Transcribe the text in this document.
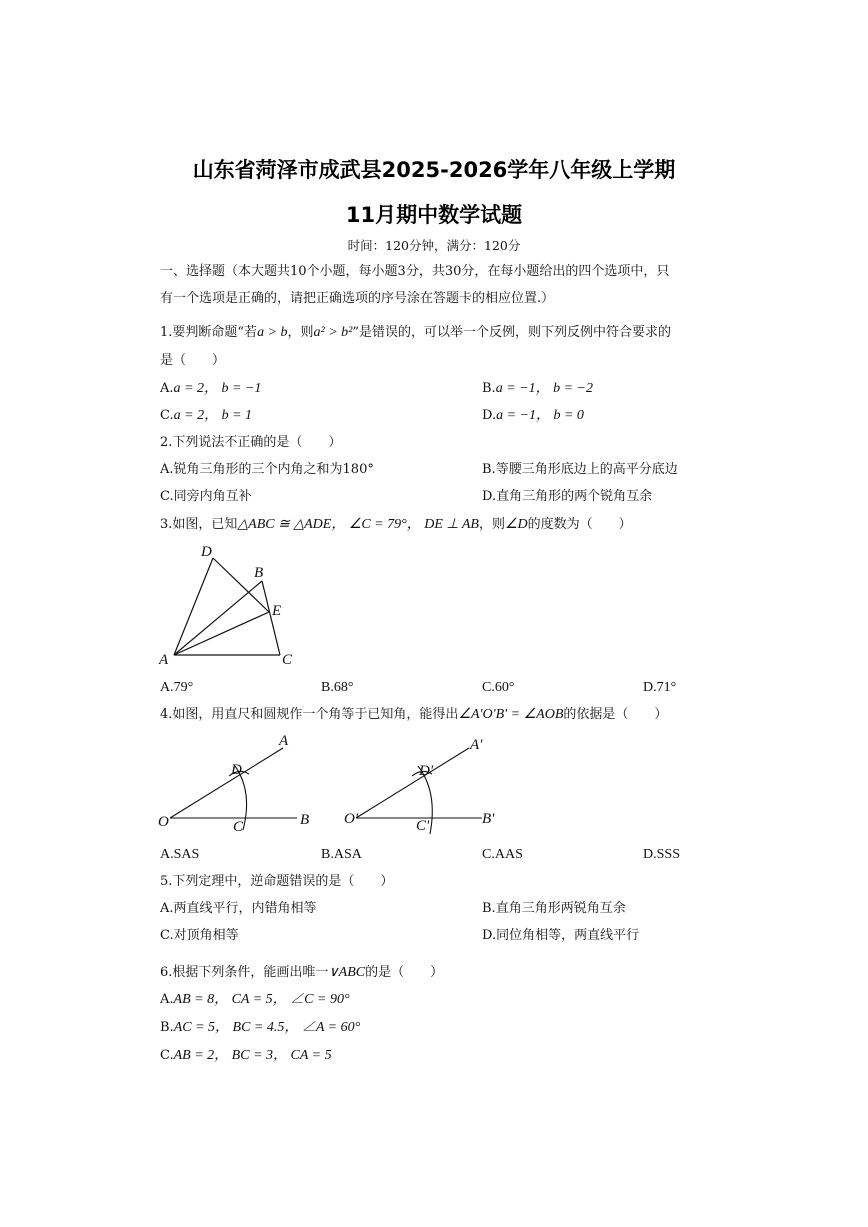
山东省菏泽市成武县2025-2026学年八年级上学期
11月期中数学试题
时间：120分钟，满分：120分
一、选择题（本大题共10个小题，每小题3分，共30分，在每小题给出的四个选项中，只
有一个选项是正确的，请把正确选项的序号涂在答题卡的相应位置.）
1.要判断命题“若a > b，则a² > b²”是错误的，可以举一个反例，则下列反例中符合要求的
是（　　）
A.a = 2， b = −1	B.a = −1， b = −2
C.a = 2， b = 1	D.a = −1， b = 0
2.下列说法不正确的是（　　）
A.锐角三角形的三个内角之和为180°	B.等腰三角形底边上的高平分底边
C.同旁内角互补	D.直角三角形的两个锐角互余
3.如图，已知△ABC ≅ △ADE， ∠C = 79°， DE ⊥ AB，则∠D的度数为（　　）
D
B
E
A	C
A.79°	B.68°	C.60°	D.71°
4.如图，用直尺和圆规作一个角等于已知角，能得出∠A'O'B' = ∠AOB的依据是（　　）
A
D
O	C	B
A'
D'
O'	C'	B'
A.SAS	B.ASA	C.AAS	D.SSS
5.下列定理中，逆命题错误的是（　　）
A.两直线平行，内错角相等	B.直角三角形两锐角互余
C.对顶角相等	D.同位角相等，两直线平行
6.根据下列条件，能画出唯一∨ABC的是（　　）
A.AB = 8， CA = 5， ∠C = 90°
B.AC = 5， BC = 4.5， ∠A = 60°
C.AB = 2， BC = 3， CA = 5
